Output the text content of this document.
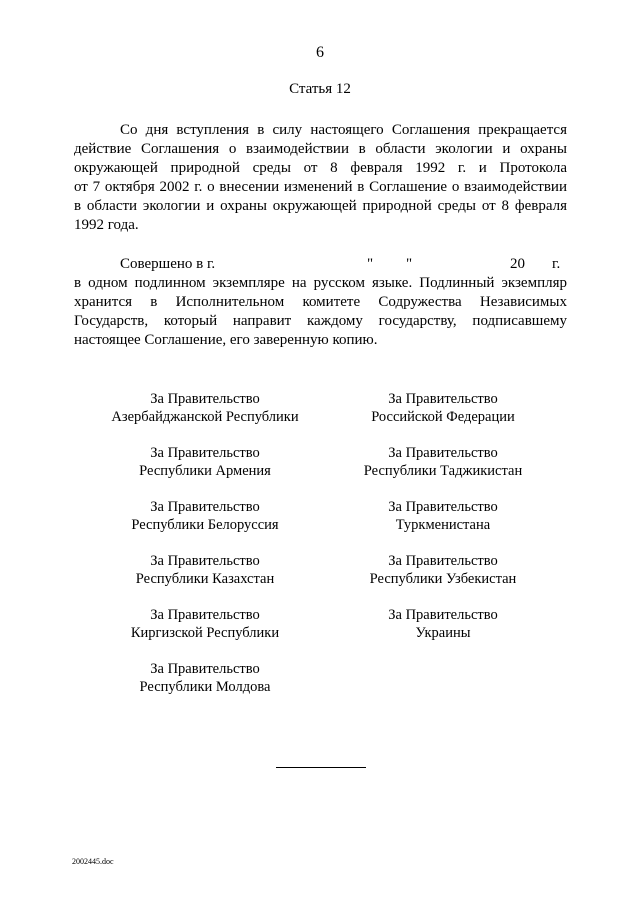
6
Статья 12
Со дня вступления в силу настоящего Соглашения прекращается
действие Соглашения о взаимодействии в области экологии и охраны
окружающей природной среды от 8 февраля 1992 г. и Протокола
от 7 октября 2002 г. о внесении изменений в Соглашение о взаимодействии
в области экологии и охраны окружающей природной среды от 8 февраля
1992 года.
Совершено в г.	" "	20 г.
в одном подлинном экземпляре на русском языке. Подлинный экземпляр
хранится в Исполнительном комитете Содружества Независимых
Государств, который направит каждому государству, подписавшему
настоящее Соглашение, его заверенную копию.
За Правительство
Азербайджанской Республики
За Правительство
Республики Армения
За Правительство
Республики Белоруссия
За Правительство
Республики Казахстан
За Правительство
Киргизской Республики
За Правительство
Республики Молдова
За Правительство
Российской Федерации
За Правительство
Республики Таджикистан
За Правительство
Туркменистана
За Правительство
Республики Узбекистан
За Правительство
Украины
2002445.doc
